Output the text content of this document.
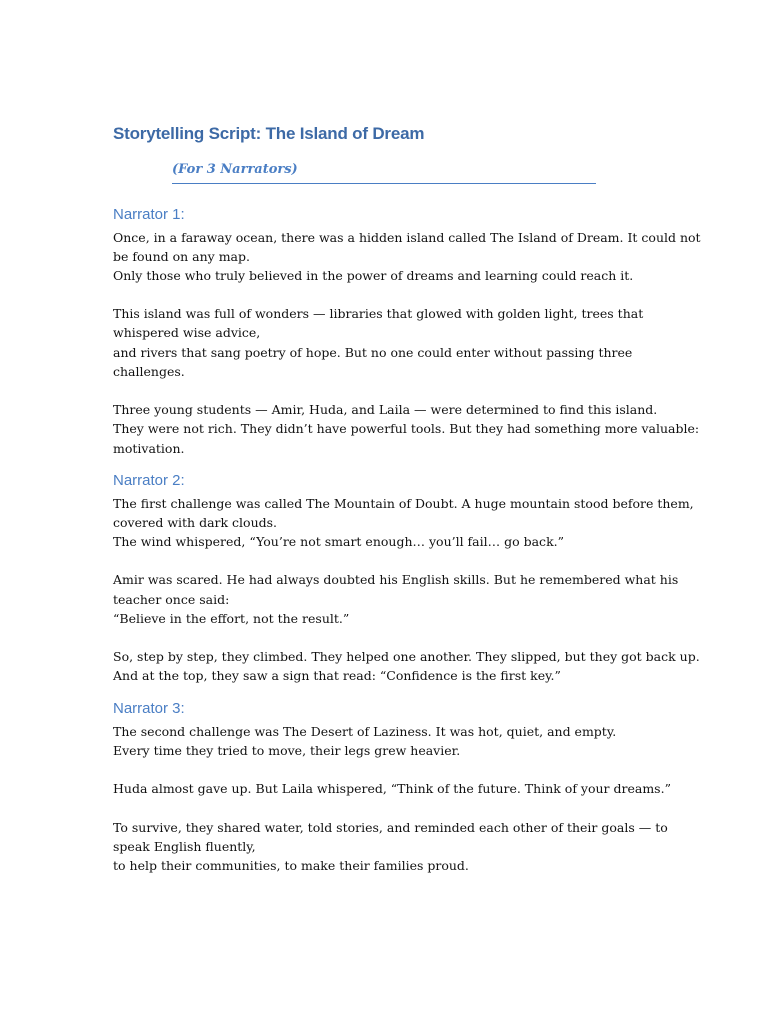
Storytelling Script: The Island of Dream
(For 3 Narrators)
Narrator 1:
Once, in a faraway ocean, there was a hidden island called The Island of Dream. It could not
be found on any map.
Only those who truly believed in the power of dreams and learning could reach it.
This island was full of wonders — libraries that glowed with golden light, trees that
whispered wise advice,
and rivers that sang poetry of hope. But no one could enter without passing three
challenges.
Three young students — Amir, Huda, and Laila — were determined to find this island.
They were not rich. They didn’t have powerful tools. But they had something more valuable:
motivation.
Narrator 2:
The first challenge was called The Mountain of Doubt. A huge mountain stood before them,
covered with dark clouds.
The wind whispered, “You’re not smart enough… you’ll fail… go back.”
Amir was scared. He had always doubted his English skills. But he remembered what his
teacher once said:
“Believe in the effort, not the result.”
So, step by step, they climbed. They helped one another. They slipped, but they got back up.
And at the top, they saw a sign that read: “Confidence is the first key.”
Narrator 3:
The second challenge was The Desert of Laziness. It was hot, quiet, and empty.
Every time they tried to move, their legs grew heavier.
Huda almost gave up. But Laila whispered, “Think of the future. Think of your dreams.”
To survive, they shared water, told stories, and reminded each other of their goals — to
speak English fluently,
to help their communities, to make their families proud.
